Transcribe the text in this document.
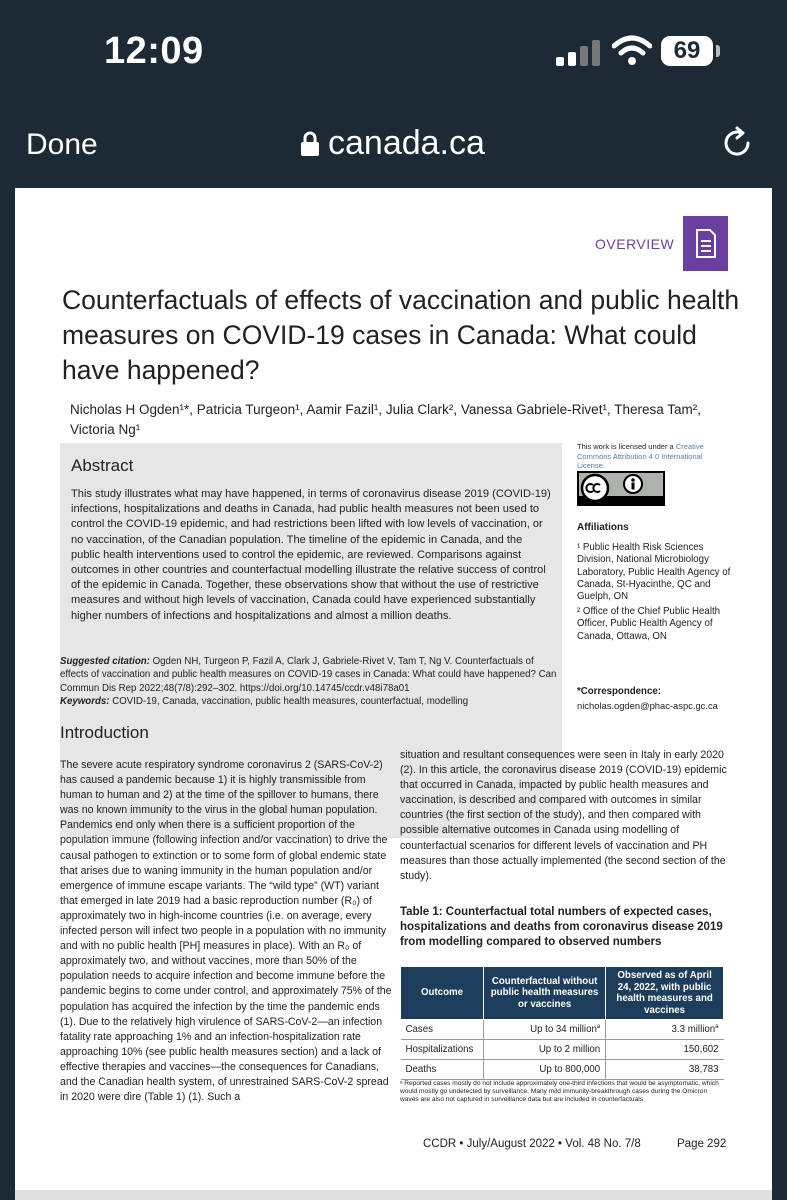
12:09	69
Done	canada.ca
OVERVIEW
Counterfactuals of effects of vaccination and public health measures on COVID-19 cases in Canada: What could have happened?
Nicholas H Ogden¹*, Patricia Turgeon¹, Aamir Fazil¹, Julia Clark², Vanessa Gabriele-Rivet¹, Theresa Tam², Victoria Ng¹
Abstract

This study illustrates what may have happened, in terms of coronavirus disease 2019 (COVID-19) infections, hospitalizations and deaths in Canada, had public health measures not been used to control the COVID-19 epidemic, and had restrictions been lifted with low levels of vaccination, or no vaccination, of the Canadian population. The timeline of the epidemic in Canada, and the public health interventions used to control the epidemic, are reviewed. Comparisons against outcomes in other countries and counterfactual modelling illustrate the relative success of control of the epidemic in Canada. Together, these observations show that without the use of restrictive measures and without high levels of vaccination, Canada could have experienced substantially higher numbers of infections and hospitalizations and almost a million deaths.

Suggested citation: Ogden NH, Turgeon P, Fazil A, Clark J, Gabriele-Rivet V, Tam T, Ng V. Counterfactuals of effects of vaccination and public health measures on COVID-19 cases in Canada: What could have happened? Can Commun Dis Rep 2022;48(7/8):292–302. https://doi.org/10.14745/ccdr.v48i78a01
Keywords: COVID-19, Canada, vaccination, public health measures, counterfactual, modelling
This work is licensed under a Creative Commons Attribution 4.0 International License.
Affiliations
¹ Public Health Risk Sciences Division, National Microbiology Laboratory, Public Health Agency of Canada, St-Hyacinthe, QC and Guelph, ON
² Office of the Chief Public Health Officer, Public Health Agency of Canada, Ottawa, ON
*Correspondence:
nicholas.ogden@phac-aspc.gc.ca
Introduction

The severe acute respiratory syndrome coronavirus 2 (SARS-CoV-2) has caused a pandemic because 1) it is highly transmissible from human to human and 2) at the time of the spillover to humans, there was no known immunity to the virus in the global human population. Pandemics end only when there is a sufficient proportion of the population immune (following infection and/or vaccination) to drive the causal pathogen to extinction or to some form of global endemic state that arises due to waning immunity in the human population and/or emergence of immune escape variants. The “wild type” (WT) variant that emerged in late 2019 had a basic reproduction number (R₀) of approximately two in high-income countries (i.e. on average, every infected person will infect two people in a population with no immunity and with no public health [PH] measures in place). With an R₀ of approximately two, and without vaccines, more than 50% of the population needs to acquire infection and become immune before the pandemic begins to come under control, and approximately 75% of the population has acquired the infection by the time the pandemic ends (1). Due to the relatively high virulence of SARS-CoV-2—an infection fatality rate approaching 1% and an infection-hospitalization rate approaching 10% (see public health measures section) and a lack of effective therapies and vaccines—the consequences for Canadians, and the Canadian health system, of unrestrained SARS-CoV-2 spread in 2020 were dire (Table 1) (1). Such a

situation and resultant consequences were seen in Italy in early 2020 (2). In this article, the coronavirus disease 2019 (COVID-19) epidemic that occurred in Canada, impacted by public health measures and vaccination, is described and compared with outcomes in similar countries (the first section of the study), and then compared with possible alternative outcomes in Canada using modelling of counterfactual scenarios for different levels of vaccination and PH measures than those actually implemented (the second section of the study).

Table 1: Counterfactual total numbers of expected cases, hospitalizations and deaths from coronavirus disease 2019 from modelling compared to observed numbers
Outcome	Counterfactual without public health measures or vaccines	Observed as of April 24, 2022, with public health measures and vaccines
Cases	Up to 34 million$^a$	3.3 million$^a$
Hospitalizations	Up to 2 million	150,602
Deaths	Up to 800,000	38,783
ᵃ Reported cases mostly do not include approximately one-third infections that would be asymptomatic, which would mostly go undetected by surveillance. Many mild immunity-breakthrough cases during the Omicron waves are also not captured in surveillance data but are included in counterfactuals
CCDR • July/August 2022 • Vol. 48 No. 7/8	Page 292
